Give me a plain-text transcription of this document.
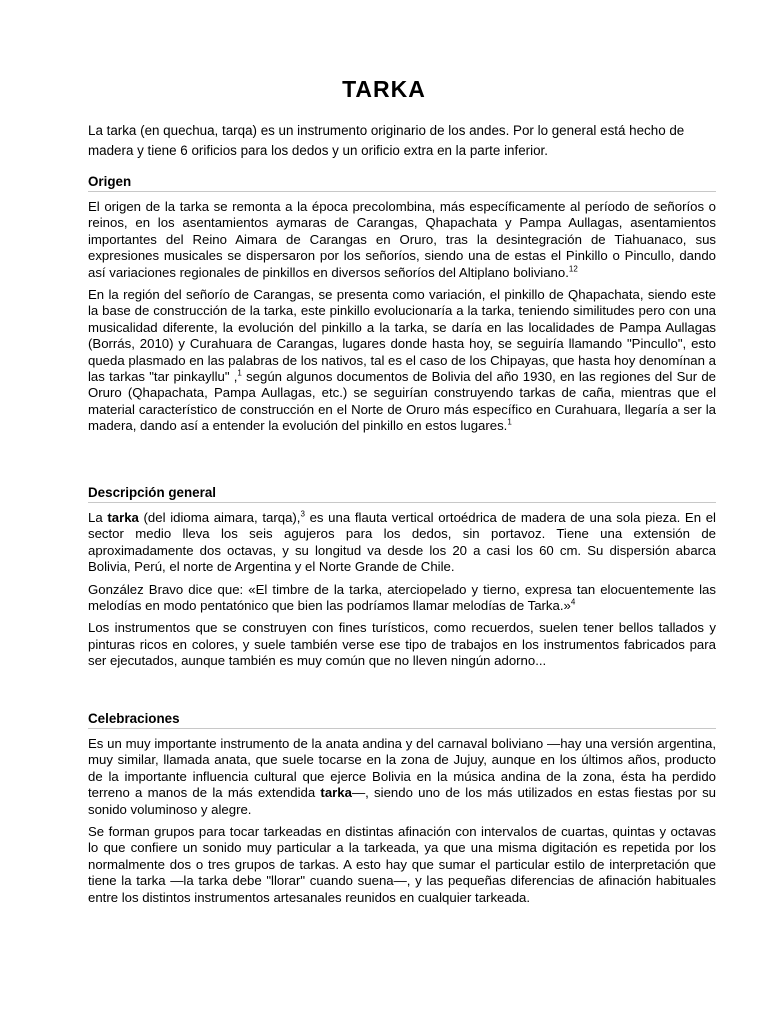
TARKA
La tarka (en quechua, tarqa) es un instrumento originario de los andes. Por lo general está hecho de madera y tiene 6 orificios para los dedos y un orificio extra en la parte inferior.
Origen

El origen de la tarka se remonta a la época precolombina, más específicamente al período de señoríos o reinos, en los asentamientos aymaras de Carangas, Qhapachata y Pampa Aullagas, asentamientos importantes del Reino Aimara de Carangas en Oruro, tras la desintegración de Tiahuanaco, sus expresiones musicales se dispersaron por los señoríos, siendo una de estas el Pinkillo o Pincullo, dando así variaciones regionales de pinkillos en diversos señoríos del Altiplano boliviano.$^{12}$

En la región del señorío de Carangas, se presenta como variación, el pinkillo de Qhapachata, siendo este la base de construcción de la tarka, este pinkillo evolucionaría a la tarka, teniendo similitudes pero con una musicalidad diferente, la evolución del pinkillo a la tarka, se daría en las localidades de Pampa Aullagas (Borrás, 2010) y Curahuara de Carangas, lugares donde hasta hoy, se seguiría llamando "Pincullo", esto queda plasmado en las palabras de los nativos, tal es el caso de los Chipayas, que hasta hoy denomínan a las tarkas "tar pinkayllu" ,$^1$ según algunos documentos de Bolivia del año 1930, en las regiones del Sur de Oruro (Qhapachata, Pampa Aullagas, etc.) se seguirían construyendo tarkas de caña, mientras que el material característico de construcción en el Norte de Oruro más específico en Curahuara, llegaría a ser la madera, dando así a entender la evolución del pinkillo en estos lugares.$^1$

Descripción general

La tarka (del idioma aimara, tarqa),$^3$ es una flauta vertical ortoédrica de madera de una sola pieza. En el sector medio lleva los seis agujeros para los dedos, sin portavoz. Tiene una extensión de aproximadamente dos octavas, y su longitud va desde los 20 a casi los 60 cm. Su dispersión abarca Bolivia, Perú, el norte de Argentina y el Norte Grande de Chile.

González Bravo dice que: «El timbre de la tarka, aterciopelado y tierno, expresa tan elocuentemente las melodías en modo pentatónico que bien las podríamos llamar melodías de Tarka.»$^4$

Los instrumentos que se construyen con fines turísticos, como recuerdos, suelen tener bellos tallados y pinturas ricos en colores, y suele también verse ese tipo de trabajos en los instrumentos fabricados para ser ejecutados, aunque también es muy común que no lleven ningún adorno...

Celebraciones

Es un muy importante instrumento de la anata andina y del carnaval boliviano —hay una versión argentina, muy similar, llamada anata, que suele tocarse en la zona de Jujuy, aunque en los últimos años, producto de la importante influencia cultural que ejerce Bolivia en la música andina de la zona, ésta ha perdido terreno a manos de la más extendida tarka—, siendo uno de los más utilizados en estas fiestas por su sonido voluminoso y alegre.

Se forman grupos para tocar tarkeadas en distintas afinación con intervalos de cuartas, quintas y octavas lo que confiere un sonido muy particular a la tarkeada, ya que una misma digitación es repetida por los normalmente dos o tres grupos de tarkas. A esto hay que sumar el particular estilo de interpretación que tiene la tarka —la tarka debe "llorar" cuando suena—, y las pequeñas diferencias de afinación habituales entre los distintos instrumentos artesanales reunidos en cualquier tarkeada.
